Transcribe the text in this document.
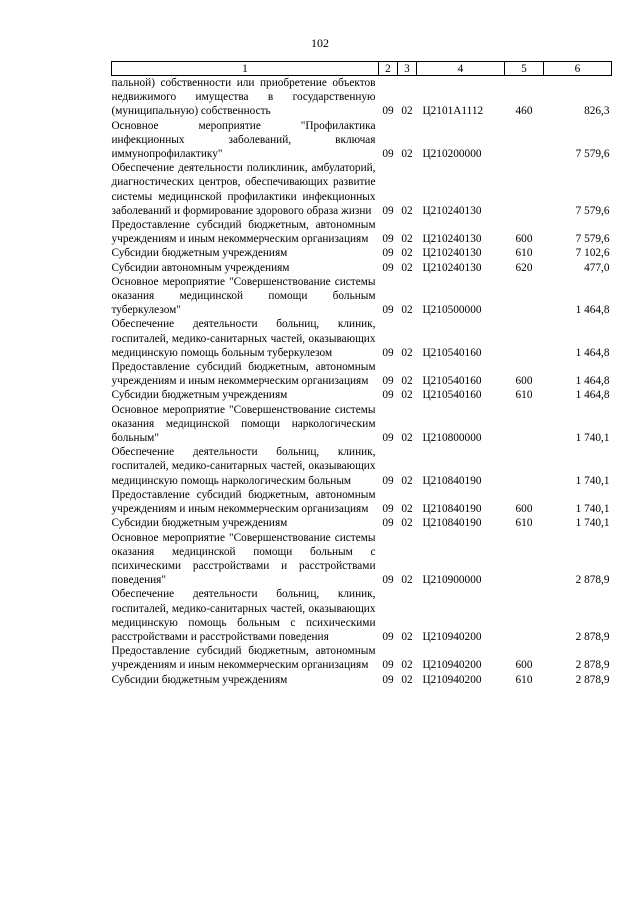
102
1	2	3	4	5	6
пальной) собственности или приобретение объектов недвижимого имущества в государственную (муниципальную) собственность	09	02	Ц2101А1112	460	826,3
Основное мероприятие "Профилактика инфекционных заболеваний, включая иммунопрофилактику"	09	02	Ц210200000		7 579,6
Обеспечение деятельности поликлиник, амбулаторий, диагностических центров, обеспечивающих развитие системы медицинской профилактики инфекционных заболеваний и формирование здорового образа жизни	09	02	Ц210240130		7 579,6
Предоставление субсидий бюджетным, автономным учреждениям и иным некоммерческим организациям	09	02	Ц210240130	600	7 579,6
Субсидии бюджетным учреждениям	09	02	Ц210240130	610	7 102,6
Субсидии автономным учреждениям	09	02	Ц210240130	620	477,0
Основное мероприятие "Совершенствование системы оказания медицинской помощи больным туберкулезом"	09	02	Ц210500000		1 464,8
Обеспечение деятельности больниц, клиник, госпиталей, медико-санитарных частей, оказывающих медицинскую помощь больным туберкулезом	09	02	Ц210540160		1 464,8
Предоставление субсидий бюджетным, автономным учреждениям и иным некоммерческим организациям	09	02	Ц210540160	600	1 464,8
Субсидии бюджетным учреждениям	09	02	Ц210540160	610	1 464,8
Основное мероприятие "Совершенствование системы оказания медицинской помощи наркологическим больным"	09	02	Ц210800000		1 740,1
Обеспечение деятельности больниц, клиник, госпиталей, медико-санитарных частей, оказывающих медицинскую помощь наркологическим больным	09	02	Ц210840190		1 740,1
Предоставление субсидий бюджетным, автономным учреждениям и иным некоммерческим организациям	09	02	Ц210840190	600	1 740,1
Субсидии бюджетным учреждениям	09	02	Ц210840190	610	1 740,1
Основное мероприятие "Совершенствование системы оказания медицинской помощи больным с психическими расстройствами и расстройствами поведения"	09	02	Ц210900000		2 878,9
Обеспечение деятельности больниц, клиник, госпиталей, медико-санитарных частей, оказывающих медицинскую помощь больным с психическими расстройствами и расстройствами поведения	09	02	Ц210940200		2 878,9
Предоставление субсидий бюджетным, автономным учреждениям и иным некоммерческим организациям	09	02	Ц210940200	600	2 878,9
Субсидии бюджетным учреждениям	09	02	Ц210940200	610	2 878,9
